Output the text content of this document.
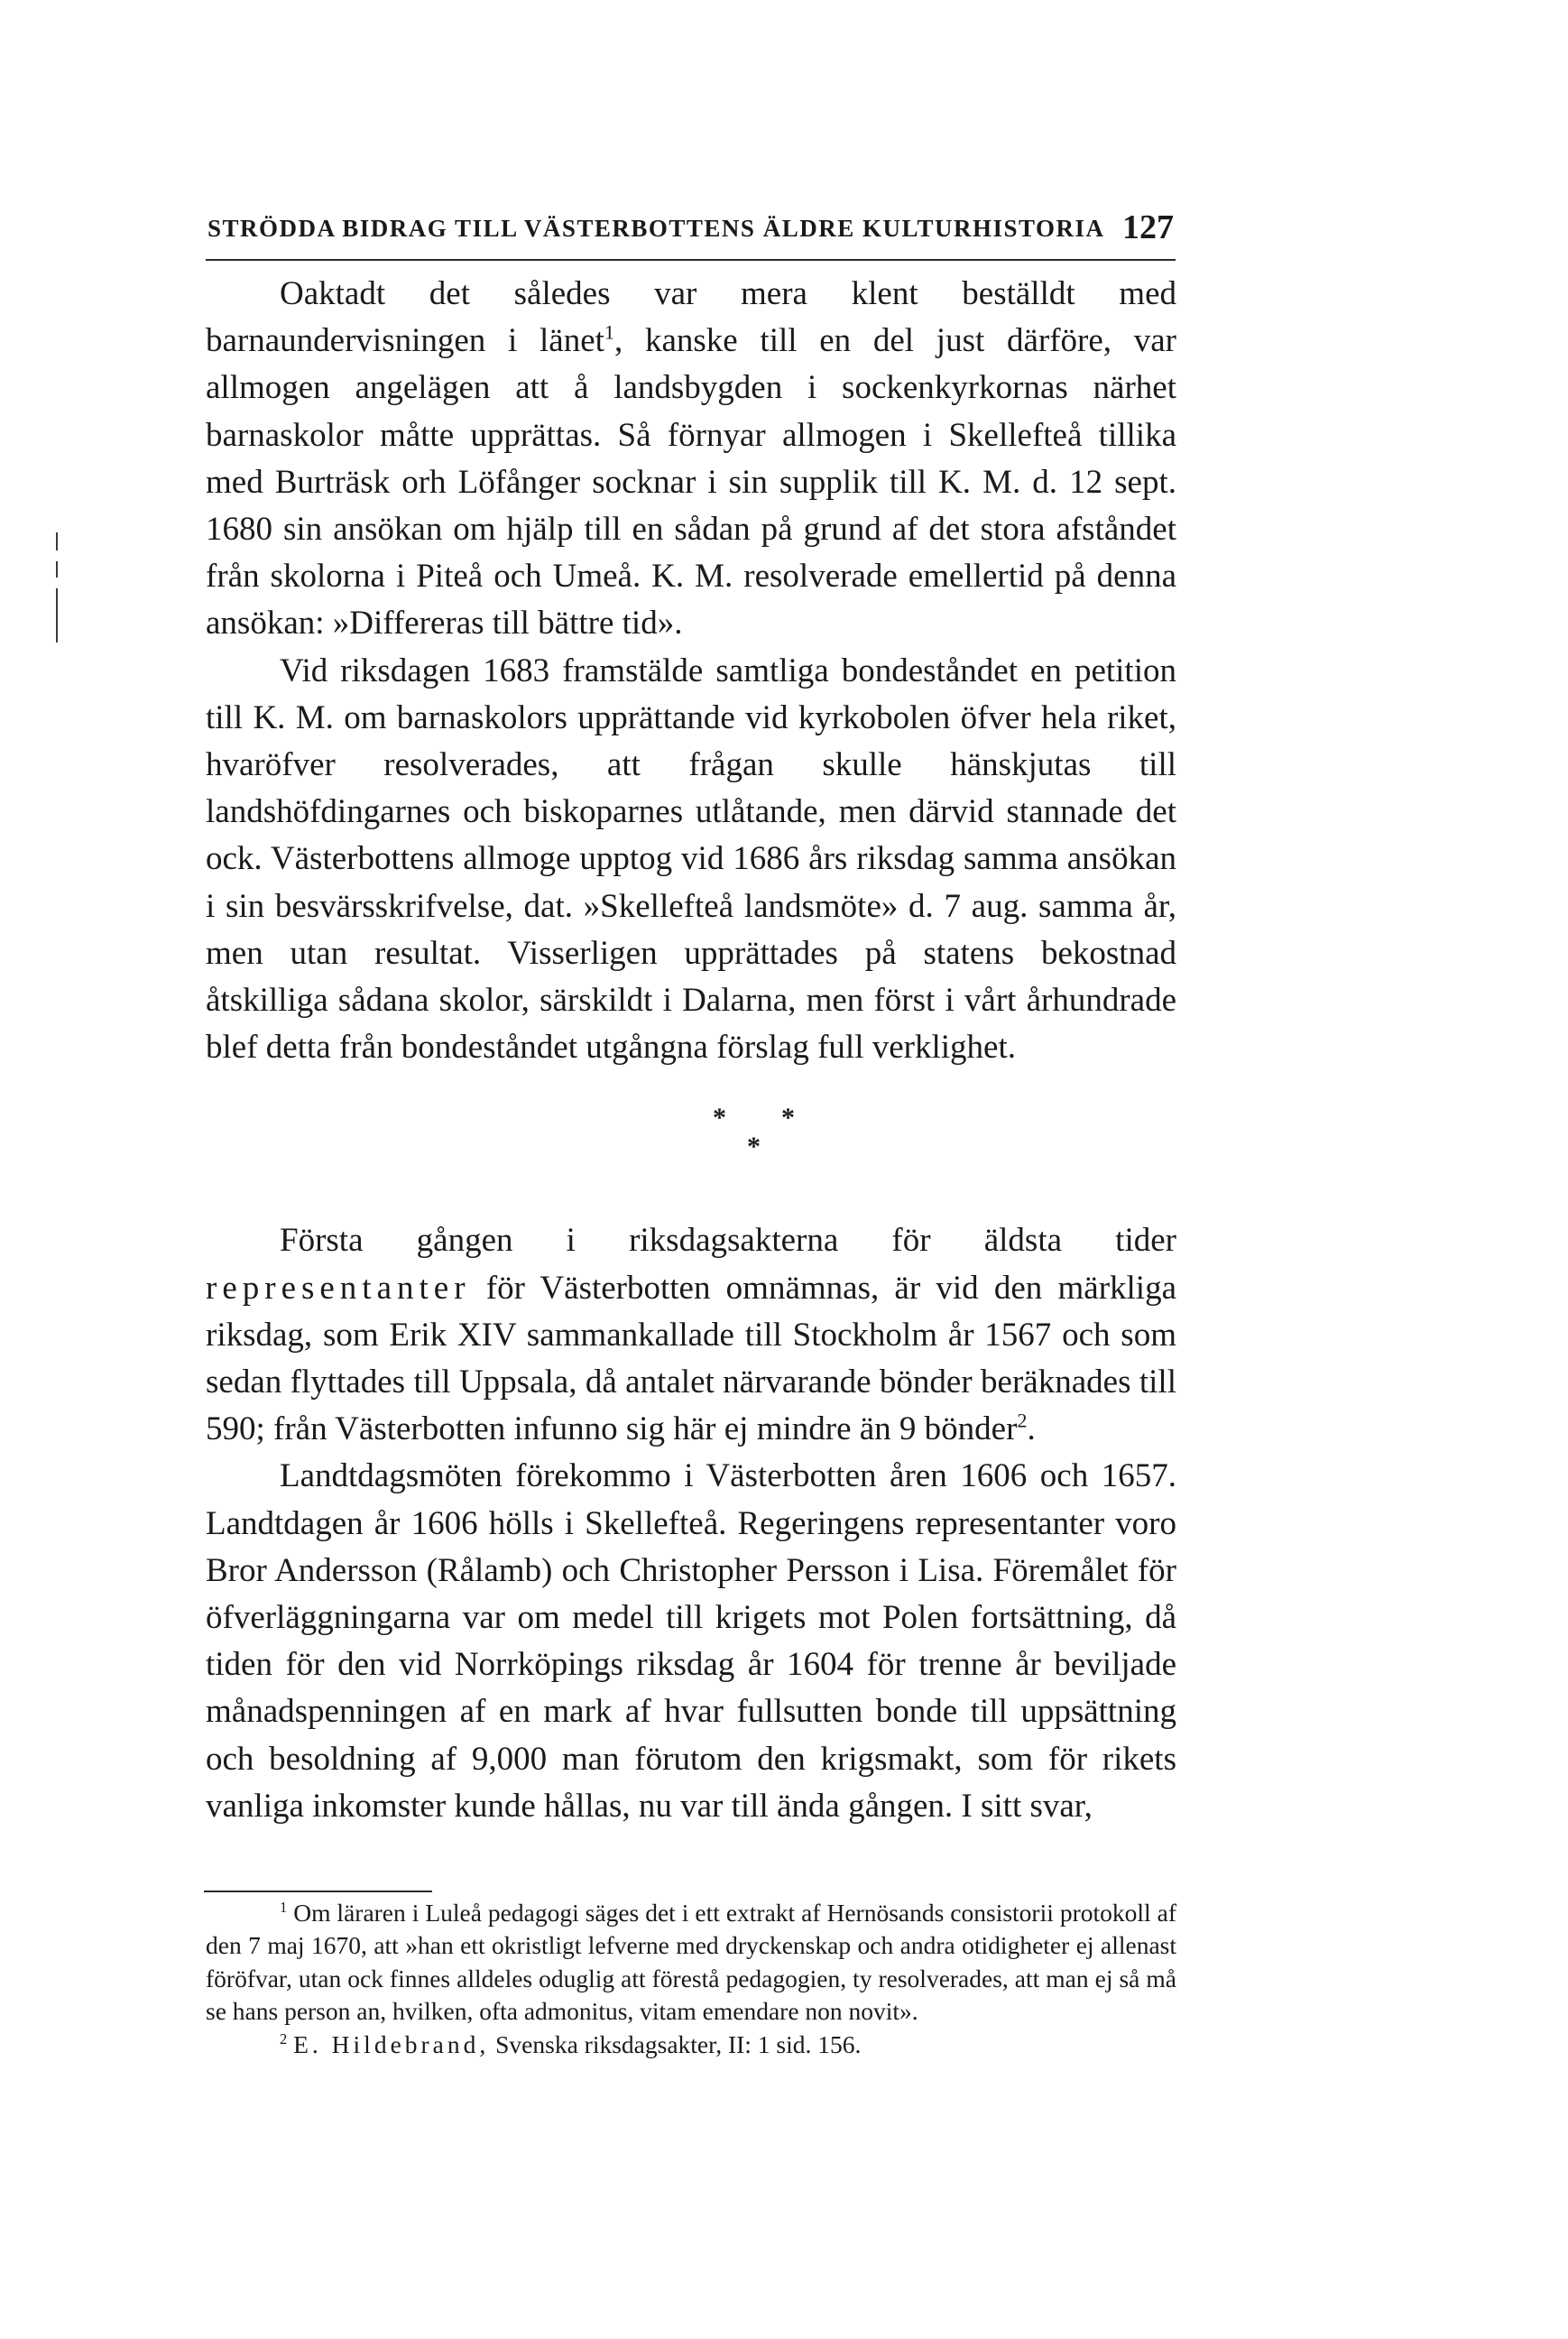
STRÖDDA BIDRAG TILL VÄSTERBOTTENS ÄLDRE KULTURHISTORIA 127

Oaktadt det således var mera klent beställdt med barnaundervisningen i länet$^1$, kanske till en del just därföre, var allmogen angelägen att å landsbygden i sockenkyrkornas närhet barnaskolor måtte upprättas. Så förnyar allmogen i Skellefteå tillika med Burträsk orh Löfånger socknar i sin supplik till K. M. d. 12 sept. 1680 sin ansökan om hjälp till en sådan på grund af det stora afståndet från skolorna i Piteå och Umeå. K. M. resolverade emellertid på denna ansökan: »Differeras till bättre tid».

Vid riksdagen 1683 framstälde samtliga bondeståndet en petition till K. M. om barnaskolors upprättande vid kyrkobolen öfver hela riket, hvaröfver resolverades, att frågan skulle hänskjutas till landshöfdingarnes och biskoparnes utlåtande, men därvid stannade det ock. Västerbottens allmoge upptog vid 1686 års riksdag samma ansökan i sin besvärsskrifvelse, dat. »Skellefteå landsmöte» d. 7 aug. samma år, men utan resultat. Visserligen upprättades på statens bekostnad åtskilliga sådana skolor, särskildt i Dalarna, men först i vårt århundrade blef detta från bondeståndet utgångna förslag full verklighet.

* *
*

Första gången i riksdagsakterna för äldsta tider representanter för Västerbotten omnämnas, är vid den märkliga riksdag, som Erik XIV sammankallade till Stockholm år 1567 och som sedan flyttades till Uppsala, då antalet närvarande bönder beräknades till 590; från Västerbotten infunno sig här ej mindre än 9 bönder$^2$.

Landtdagsmöten förekommo i Västerbotten åren 1606 och 1657. Landtdagen år 1606 hölls i Skellefteå. Regeringens representanter voro Bror Andersson (Rålamb) och Christopher Persson i Lisa. Föremålet för öfverläggningarna var om medel till krigets mot Polen fortsättning, då tiden för den vid Norrköpings riksdag år 1604 för trenne år beviljade månadspenningen af en mark af hvar fullsutten bonde till uppsättning och besoldning af 9,000 man förutom den krigsmakt, som för rikets vanliga inkomster kunde hållas, nu var till ända gången. I sitt svar,

$^1$ Om läraren i Luleå pedagogi säges det i ett extrakt af Hernösands consistorii protokoll af den 7 maj 1670, att »han ett okristligt lefverne med dryckenskap och andra otidigheter ej allenast föröfvar, utan ock finnes alldeles oduglig att förestå pedagogien, ty resolverades, att man ej så må se hans person an, hvilken, ofta admonitus, vitam emendare non novit».

$^2$ E. Hildebrand, Svenska riksdagsakter, II: 1 sid. 156.
